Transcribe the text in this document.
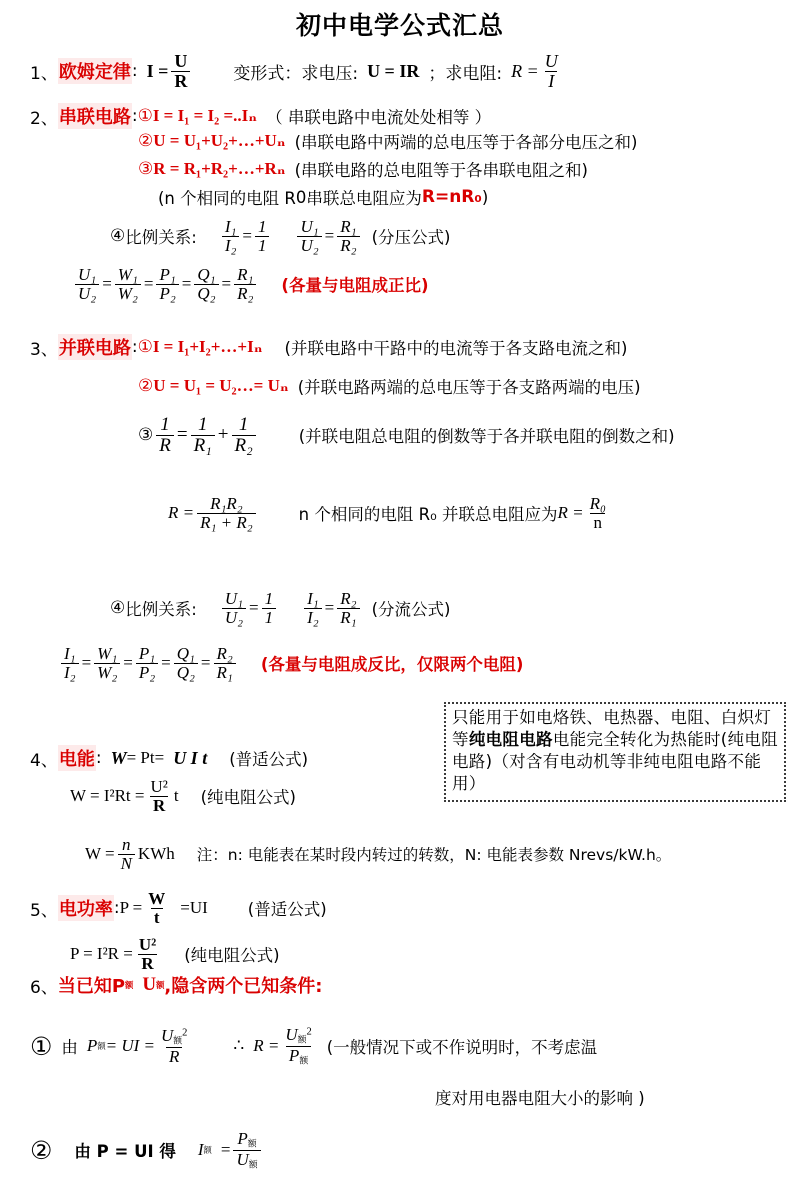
初中电学公式汇总
1、 欧姆定律 : $I = \frac{U}{R}$	变形式：求电压: U = IR ；求电阻: $R = \frac{U}{I}$
2、 串联电路 : ① I = I₁ = I₂ =..Iₙ （ 串联电路中电流处处相等 ）
② U = U₁+U₂+…+Uₙ (串联电路中两端的总电压等于各部分电压之和)
③ R = R₁+R₂+…+Rₙ (串联电路的总电阻等于各串联电阻之和)
(n 个相同的电阻 R 0 串联总电阻应为 R=nR₀ )
④ 比例关系: $\frac{\text{I₁}}{\text{I₂}} = \frac{1}{1} \frac{\text{U₁}}{\text{U₂}} = \frac{\text{R₁}}{\text{R₂}}$ (分压公式)
$\frac{\text{U₁}}{\text{U₂}} = \frac{\text{W₁}}{\text{W₂}} = \frac{\text{P₁}}{\text{P₂}} = \frac{\text{Q₁}}{\text{Q₂}} = \frac{\text{R₁}}{\text{R₂}}$ (各量与电阻成正比)
3、 并联电路 : ① I = I₁+I₂+…+Iₙ (并联电路中干路中的电流等于各支路电流之和)
② U = U₁ = U₂…= Uₙ (并联电路两端的总电压等于各支路两端的电压)
③ $\frac{1}{R} = \frac{1}{\text{R₁}} + \frac{1}{\text{R₂}}$	(并联电阻总电阻的倒数等于各并联电阻的倒数之和)
$R = \frac{\text{R₁R₂}}{\text{R₁ + R₂}}$	n 个相同的电阻 R₀ 并联总电阻应为 $R = \frac{\text{R₀}}{n}$
④ 比例关系: $\frac{\text{U₁}}{\text{U₂}} = \frac{1}{1} \frac{\text{I₁}}{\text{I₂}} = \frac{\text{R₂}}{\text{R₁}}$ (分流公式)
$\frac{\text{I₁}}{\text{I₂}} = \frac{\text{W₁}}{\text{W₂}} = \frac{\text{P₁}}{\text{P₂}} = \frac{\text{Q₁}}{\text{Q₂}} = \frac{\text{R₂}}{\text{R₁}}$ (各量与电阻成反比，仅限两个电阻)
只能用于如电烙铁、电热器、电阻、白炽灯等纯电阻电路电能完全转化为热能时(纯电阻电路)（对含有电动机等非纯电阻电路不能用）
4、 电能 : W = Pt= U I t (普适公式)
$W = I^2Rt = \frac{\text{U²}}{R}$ t (纯电阻公式)
$W = \frac{n}{N}$ KWh 注：n: 电能表在某时段内转过的转数，N: 电能表参数 Nrevs/kW.h。
5、 电功率 : $P = \frac{W}{t} =UI$ (普适公式)
$P = I^2R = \frac{\text{U²}}{R}$ (纯电阻公式)
6、 当已知P 额 U 额 ,隐含两个已知条件:
① 由 P 额 = UI = $\frac{U额^2}{R}$	∴ $R = \frac{U额^2}{\text{P额}}$ (一般情况下或不作说明时，不考虑温
度对用电器电阻大小的影响 )
② 由 P = UI 得 I 额 = $\frac{\text{P额}}{\text{U额}}$
